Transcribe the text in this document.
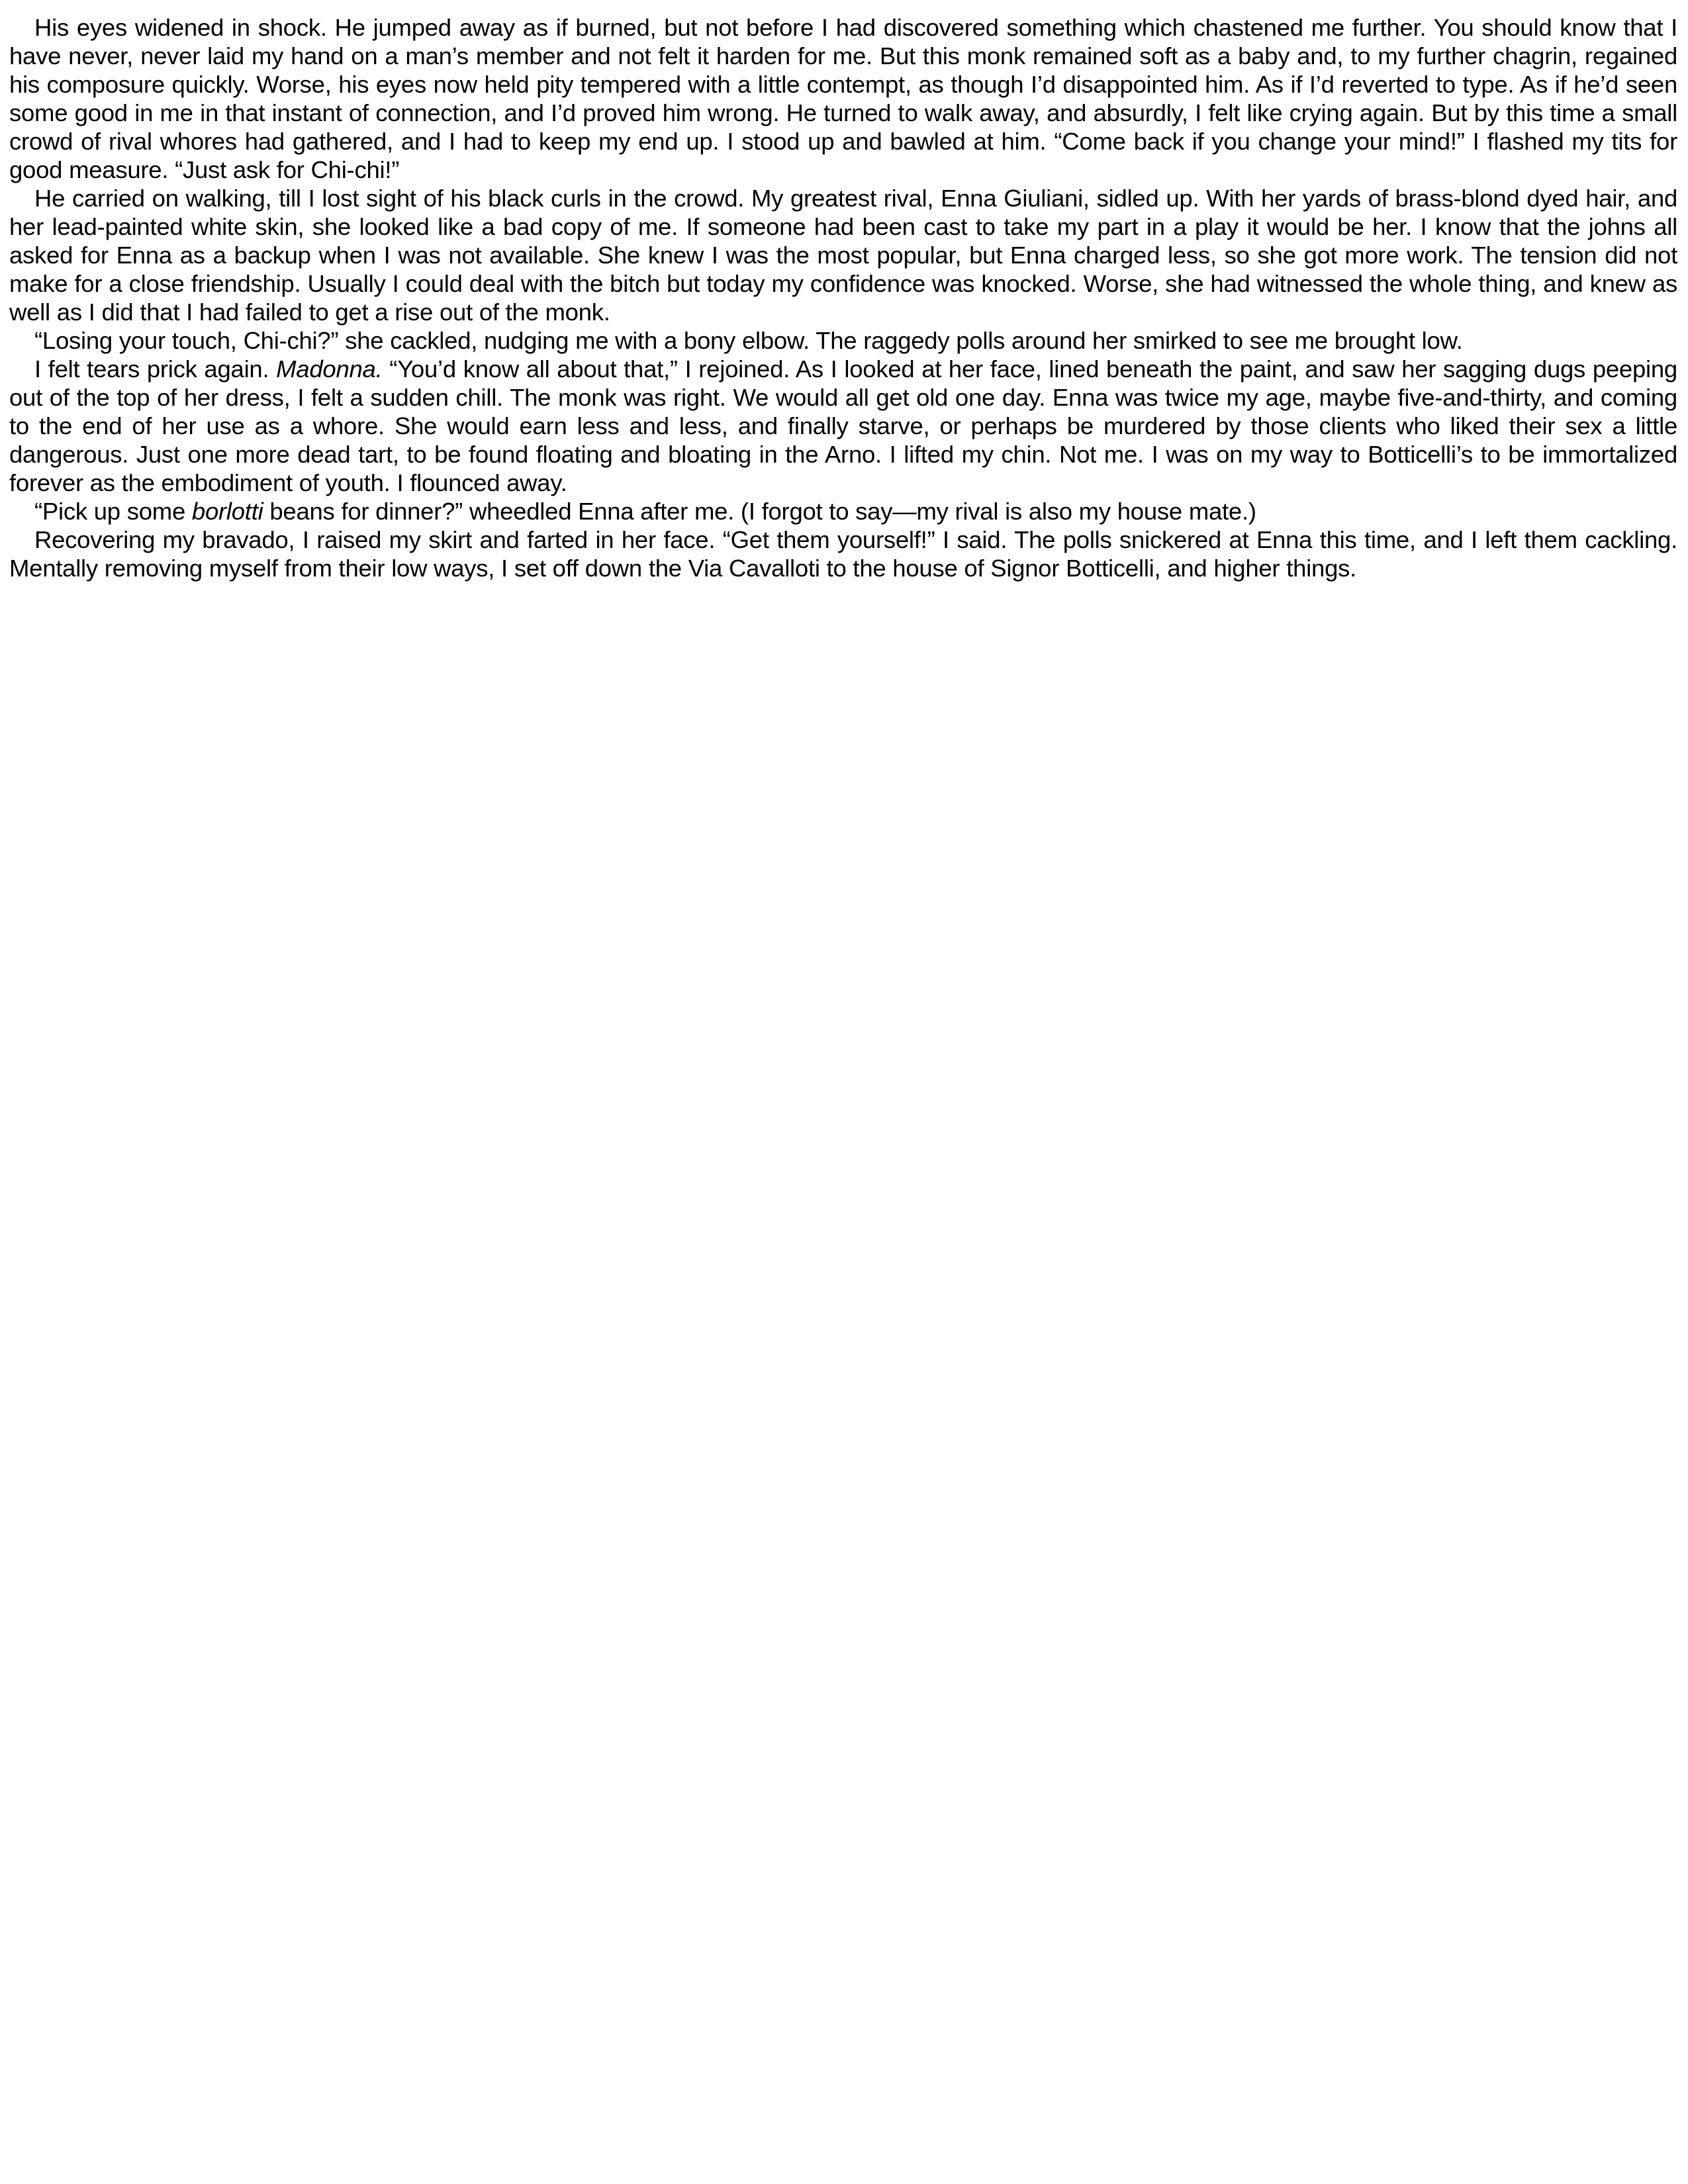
His eyes widened in shock. He jumped away as if burned, but not before I had discovered something which chastened me further. You should know that I have never, never laid my hand on a man’s member and not felt it harden for me. But this monk remained soft as a baby and, to my further chagrin, regained his composure quickly. Worse, his eyes now held pity tempered with a little contempt, as though I’d disappointed him. As if I’d reverted to type. As if he’d seen some good in me in that instant of connection, and I’d proved him wrong. He turned to walk away, and absurdly, I felt like crying again. But by this time a small crowd of rival whores had gathered, and I had to keep my end up. I stood up and bawled at him. “Come back if you change your mind!” I flashed my tits for good measure. “Just ask for Chi-chi!”

He carried on walking, till I lost sight of his black curls in the crowd. My greatest rival, Enna Giuliani, sidled up. With her yards of brass-blond dyed hair, and her lead-painted white skin, she looked like a bad copy of me. If someone had been cast to take my part in a play it would be her. I know that the johns all asked for Enna as a backup when I was not available. She knew I was the most popular, but Enna charged less, so she got more work. The tension did not make for a close friendship. Usually I could deal with the bitch but today my confidence was knocked. Worse, she had witnessed the whole thing, and knew as well as I did that I had failed to get a rise out of the monk.

“Losing your touch, Chi-chi?” she cackled, nudging me with a bony elbow. The raggedy polls around her smirked to see me brought low.

I felt tears prick again. Madonna. “You’d know all about that,” I rejoined. As I looked at her face, lined beneath the paint, and saw her sagging dugs peeping out of the top of her dress, I felt a sudden chill. The monk was right. We would all get old one day. Enna was twice my age, maybe five-and-thirty, and coming to the end of her use as a whore. She would earn less and less, and finally starve, or perhaps be murdered by those clients who liked their sex a little dangerous. Just one more dead tart, to be found floating and bloating in the Arno. I lifted my chin. Not me. I was on my way to Botticelli’s to be immortalized forever as the embodiment of youth. I flounced away.

“Pick up some borlotti beans for dinner?” wheedled Enna after me. (I forgot to say—my rival is also my house mate.)

Recovering my bravado, I raised my skirt and farted in her face. “Get them yourself!” I said. The polls snickered at Enna this time, and I left them cackling. Mentally removing myself from their low ways, I set off down the Via Cavalloti to the house of Signor Botticelli, and higher things.
